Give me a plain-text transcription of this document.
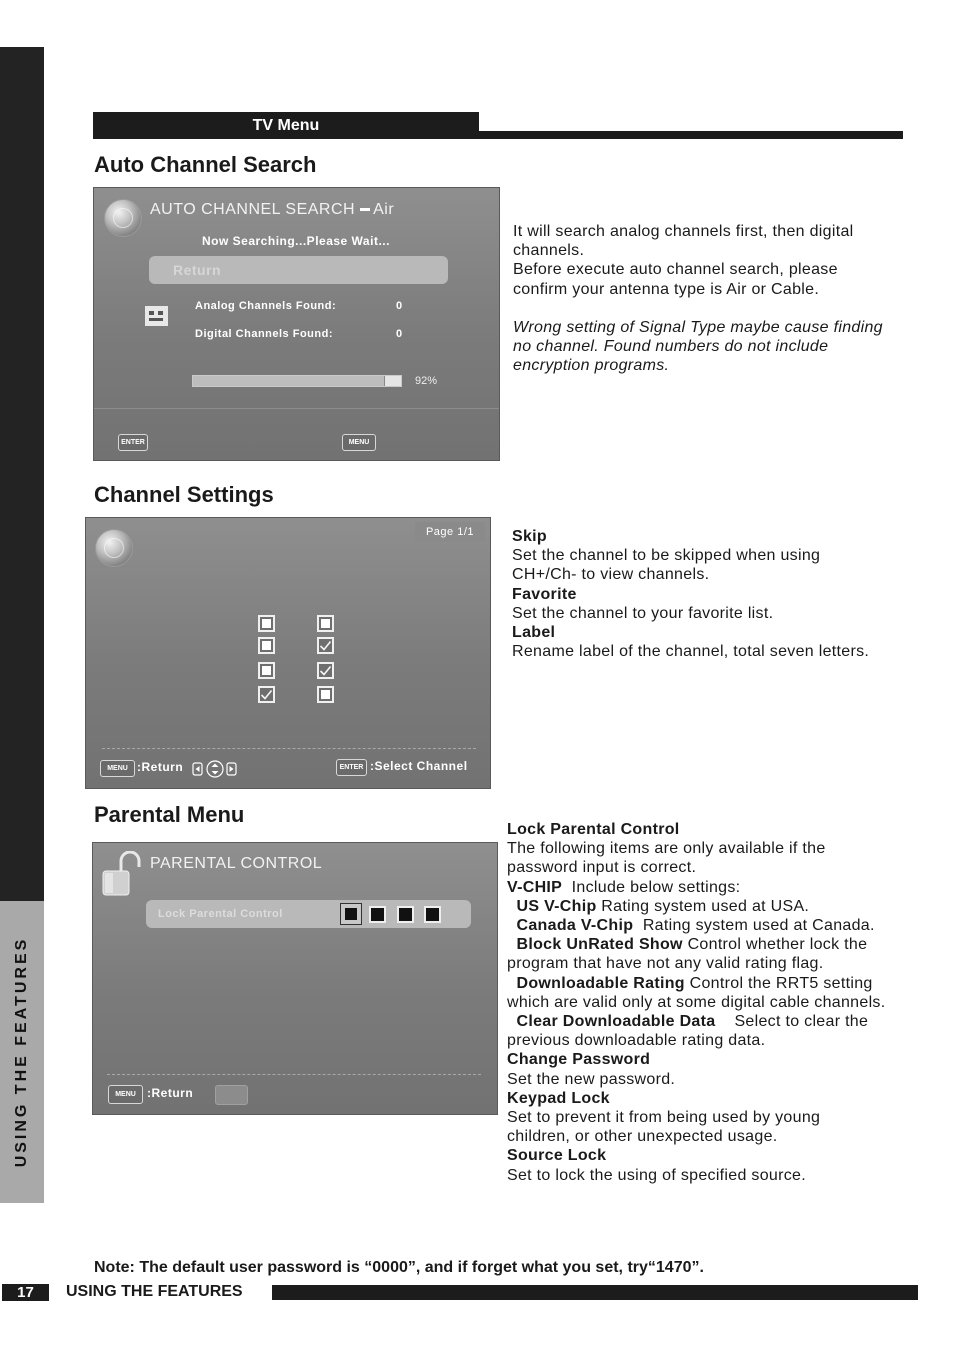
USING THE FEATURES
TV Menu
Auto Channel Search
AUTO CHANNEL SEARCH Air
Now Searching...Please Wait...
Return
Analog Channels Found:	0
Digital Channels Found:	0
92%
ENTER	MENU
It will search analog channels first, then digital channels.
Before execute auto channel search, please confirm your antenna type is Air or Cable.
Wrong setting of Signal Type maybe cause finding no channel. Found numbers do not include encryption programs.
Channel Settings
Page 1/1
MENU :Return	ENTER :Select Channel
Skip
Set the channel to be skipped when using CH+/Ch- to view channels.
Favorite
Set the channel to your favorite list.
Label
Rename label of the channel, total seven letters.
Parental Menu
PARENTAL CONTROL
Lock Parental Control
MENU :Return
Lock Parental Control
The following items are only available if the password input is correct.
V-CHIP Include below settings:
US V-Chip Rating system used at USA.
Canada V-Chip Rating system used at Canada.
Block UnRated Show Control whether lock the program that have not any valid rating flag.
Downloadable Rating Control the RRT5 setting which are valid only at some digital cable channels.
Clear Downloadable Data Select to clear the previous downloadable rating data.
Change Password
Set the new password.
Keypad Lock
Set to prevent it from being used by young children, or other unexpected usage.
Source Lock
Set to lock the using of specified source.
Note: The default user password is “0000”, and if forget what you set, try“1470”.
17	USING THE FEATURES
